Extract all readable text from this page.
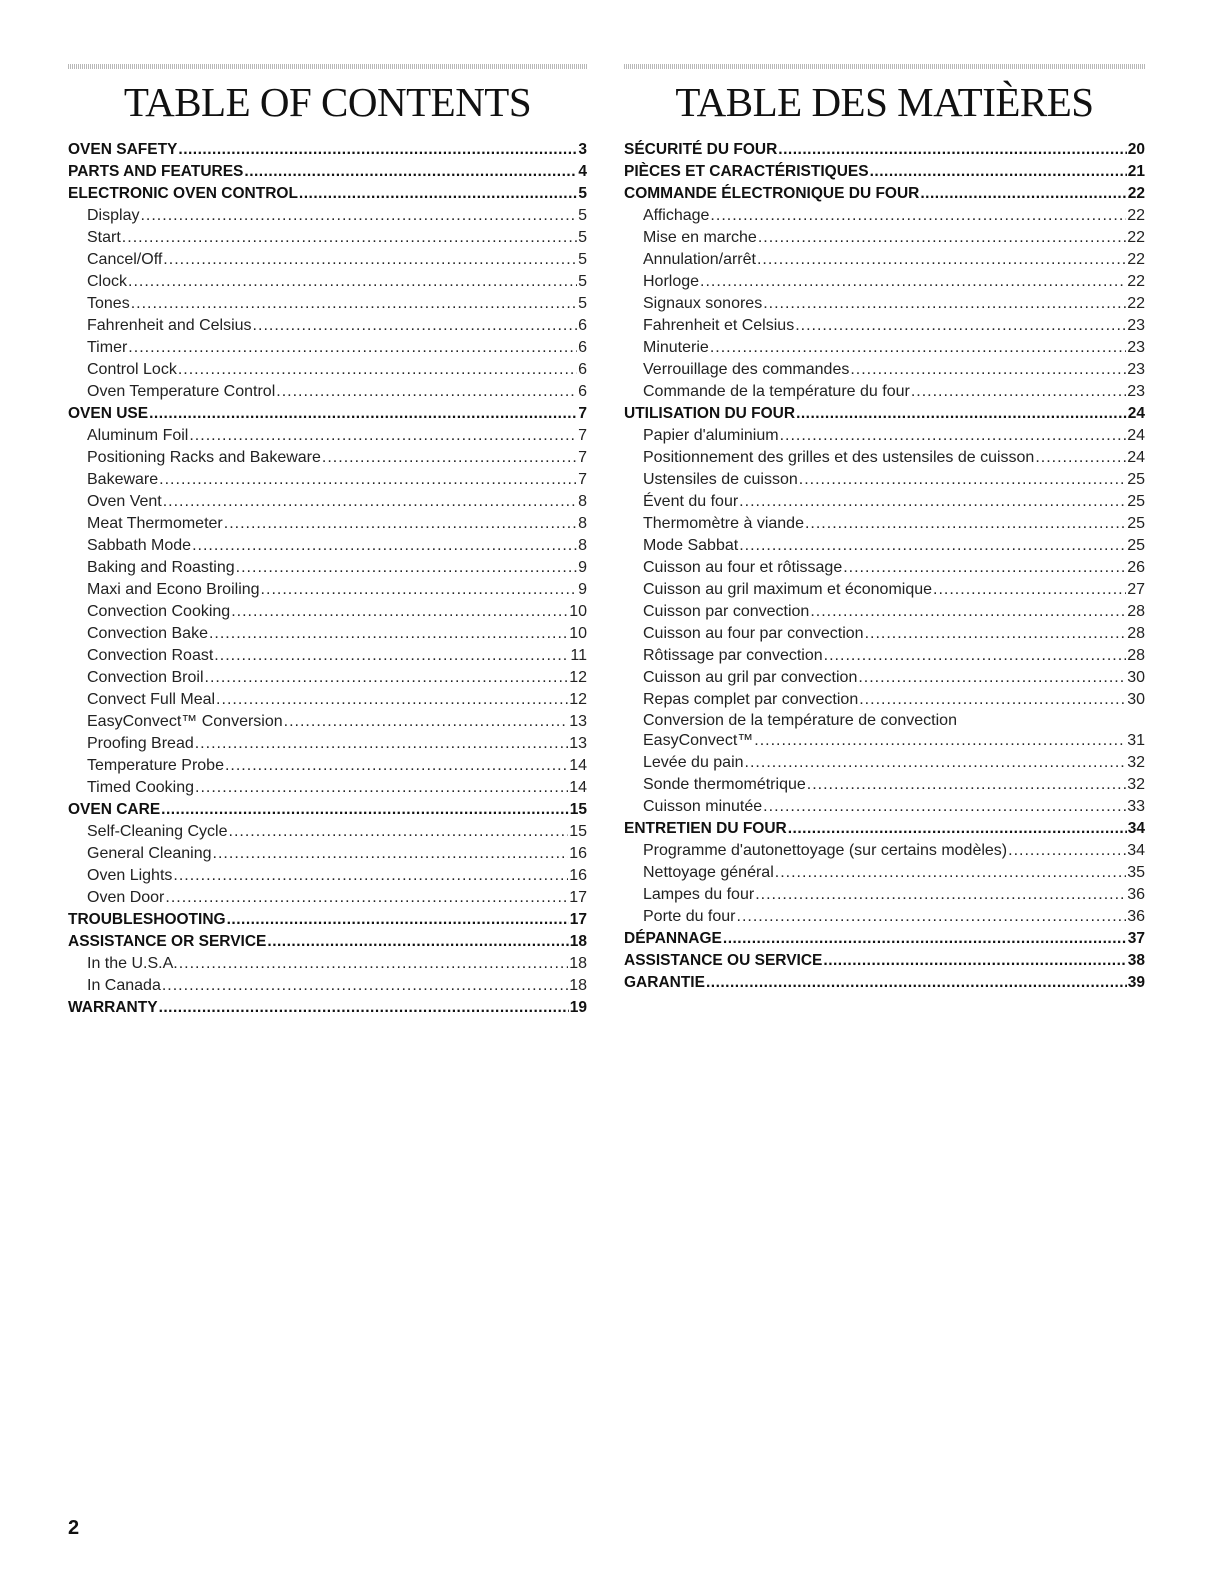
TABLE OF CONTENTS
OVEN SAFETY .....	3
PARTS AND FEATURES .....	4
ELECTRONIC OVEN CONTROL .....	5
Display .....	5
Start .....	5
Cancel/Off .....	5
Clock .....	5
Tones .....	5
Fahrenheit and Celsius .....	6
Timer .....	6
Control Lock .....	6
Oven Temperature Control .....	6
OVEN USE .....	7
Aluminum Foil .....	7
Positioning Racks and Bakeware .....	7
Bakeware .....	7
Oven Vent .....	8
Meat Thermometer .....	8
Sabbath Mode .....	8
Baking and Roasting .....	9
Maxi and Econo Broiling .....	9
Convection Cooking .....	10
Convection Bake .....	10
Convection Roast .....	11
Convection Broil .....	12
Convect Full Meal .....	12
EasyConvect™ Conversion .....	13
Proofing Bread .....	13
Temperature Probe .....	14
Timed Cooking .....	14
OVEN CARE .....	15
Self-Cleaning Cycle .....	15
General Cleaning .....	16
Oven Lights .....	16
Oven Door .....	17
TROUBLESHOOTING .....	17
ASSISTANCE OR SERVICE .....	18
In the U.S.A. .....	18
In Canada .....	18
WARRANTY .....	19
TABLE DES MATIÈRES
SÉCURITÉ DU FOUR .....	20
PIÈCES ET CARACTÉRISTIQUES .....	21
COMMANDE ÉLECTRONIQUE DU FOUR .....	22
Affichage .....	22
Mise en marche .....	22
Annulation/arrêt .....	22
Horloge .....	22
Signaux sonores .....	22
Fahrenheit et Celsius .....	23
Minuterie .....	23
Verrouillage des commandes .....	23
Commande de la température du four .....	23
UTILISATION DU FOUR .....	24
Papier d'aluminium .....	24
Positionnement des grilles et des ustensiles de cuisson .....	24
Ustensiles de cuisson .....	25
Évent du four .....	25
Thermomètre à viande .....	25
Mode Sabbat .....	25
Cuisson au four et rôtissage .....	26
Cuisson au gril maximum et économique .....	27
Cuisson par convection .....	28
Cuisson au four par convection .....	28
Rôtissage par convection .....	28
Cuisson au gril par convection .....	30
Repas complet par convection .....	30
Conversion de la température de convection
EasyConvect™ .....	31
Levée du pain .....	32
Sonde thermométrique .....	32
Cuisson minutée .....	33
ENTRETIEN DU FOUR .....	34
Programme d'autonettoyage (sur certains modèles) .....	34
Nettoyage général .....	35
Lampes du four .....	36
Porte du four .....	36
DÉPANNAGE .....	37
ASSISTANCE OU SERVICE .....	38
GARANTIE .....	39
2
